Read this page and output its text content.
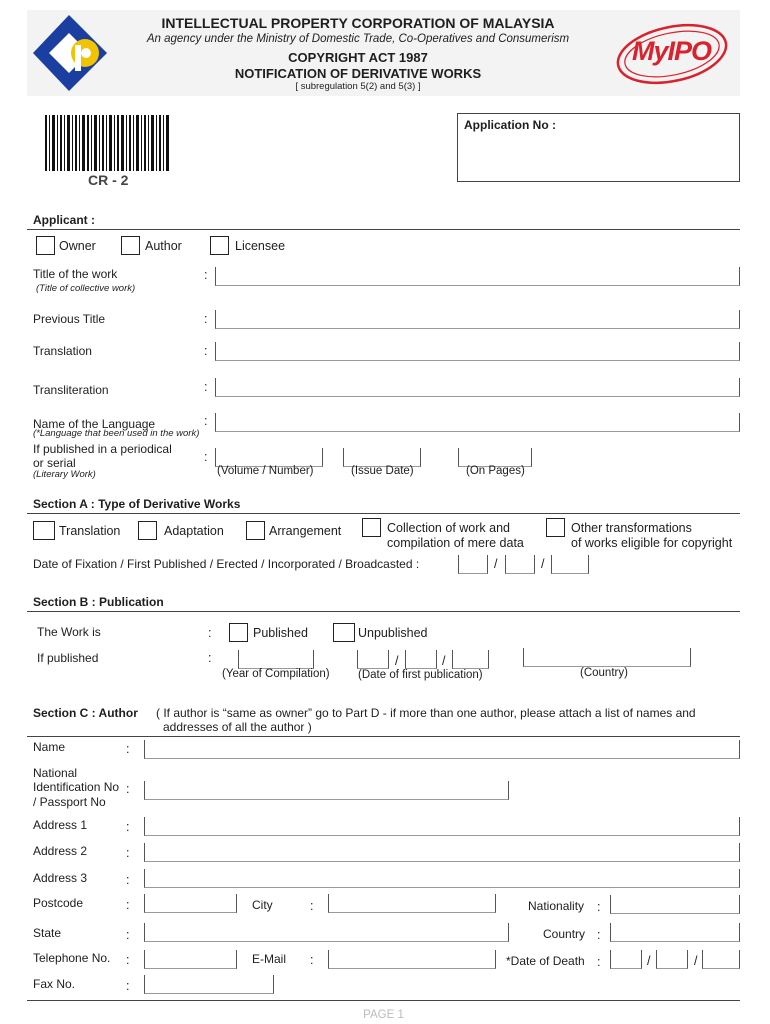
INTELLECTUAL PROPERTY CORPORATION OF MALAYSIA
An agency under the Ministry of Domestic Trade, Co-Operatives and Consumerism
COPYRIGHT ACT 1987
NOTIFICATION OF DERIVATIVE WORKS
[ subregulation 5(2) and 5(3) ]
MyIPO
CR - 2
Application No :
Applicant :
Owner	Author	Licensee
Title of the work
(Title of collective work)
:
Previous Title	:
Translation	:
Transliteration	:
Name of the Language
(*Language that been used in the work)
:
If published in a periodical
or serial
(Literary Work)
:
(Volume / Number)	(Issue Date)	(On Pages)
Section A : Type of Derivative Works
Translation	Adaptation	Arrangement	Collection of work and
compilation of mere data
Other transformations
of works eligible for copyright
Date of Fixation / First Published / Erected / Incorporated / Broadcasted :	/	/
Section B : Publication
The Work is	:	Published	Unpublished
If published	:	/	/
(Year of Compilation) (Date of first publication)	(Country)
Section C : Author ( If author is “same as owner” go to Part D - if more than one author, please attach a list of names and
addresses of all the author )
Name	:
National
Identification No
/ Passport No
:
Address 1	:
Address 2	:
Address 3	:
Postcode	:	City	:	Nationality :
State	:	Country :
Telephone No. :	E-Mail :	*Date of Death :	/	/
Fax No.	:
PAGE 1
